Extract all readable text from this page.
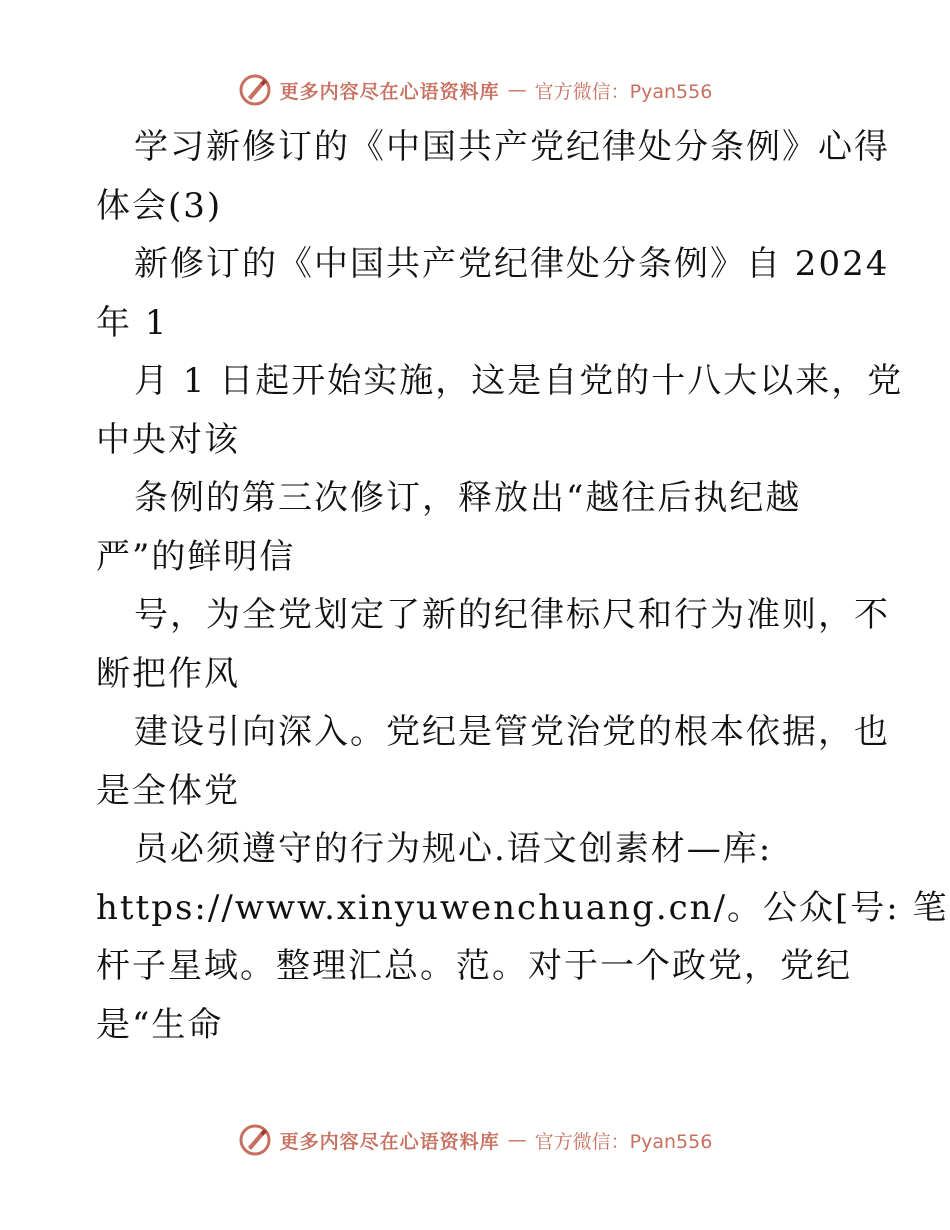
更多内容尽在心语资料库 — 官方微信：Pyan556
学习新修订的《中国共产党纪律处分条例》心得
体会(3)
新修订的《中国共产党纪律处分条例》自 2024
年 1
月 1 日起开始实施，这是自党的十八大以来，党
中央对该
条例的第三次修订，释放出“越往后执纪越
严”的鲜明信
号，为全党划定了新的纪律标尺和行为准则，不
断把作风
建设引向深入。党纪是管党治党的根本依据，也
是全体党
员必须遵守的行为规心.语文创素材—库:
https://www.xinyuwenchuang.cn/。公众[号: 笔
杆子星域。整理汇总。范。对于一个政党，党纪
是“生命
更多内容尽在心语资料库 — 官方微信：Pyan556
